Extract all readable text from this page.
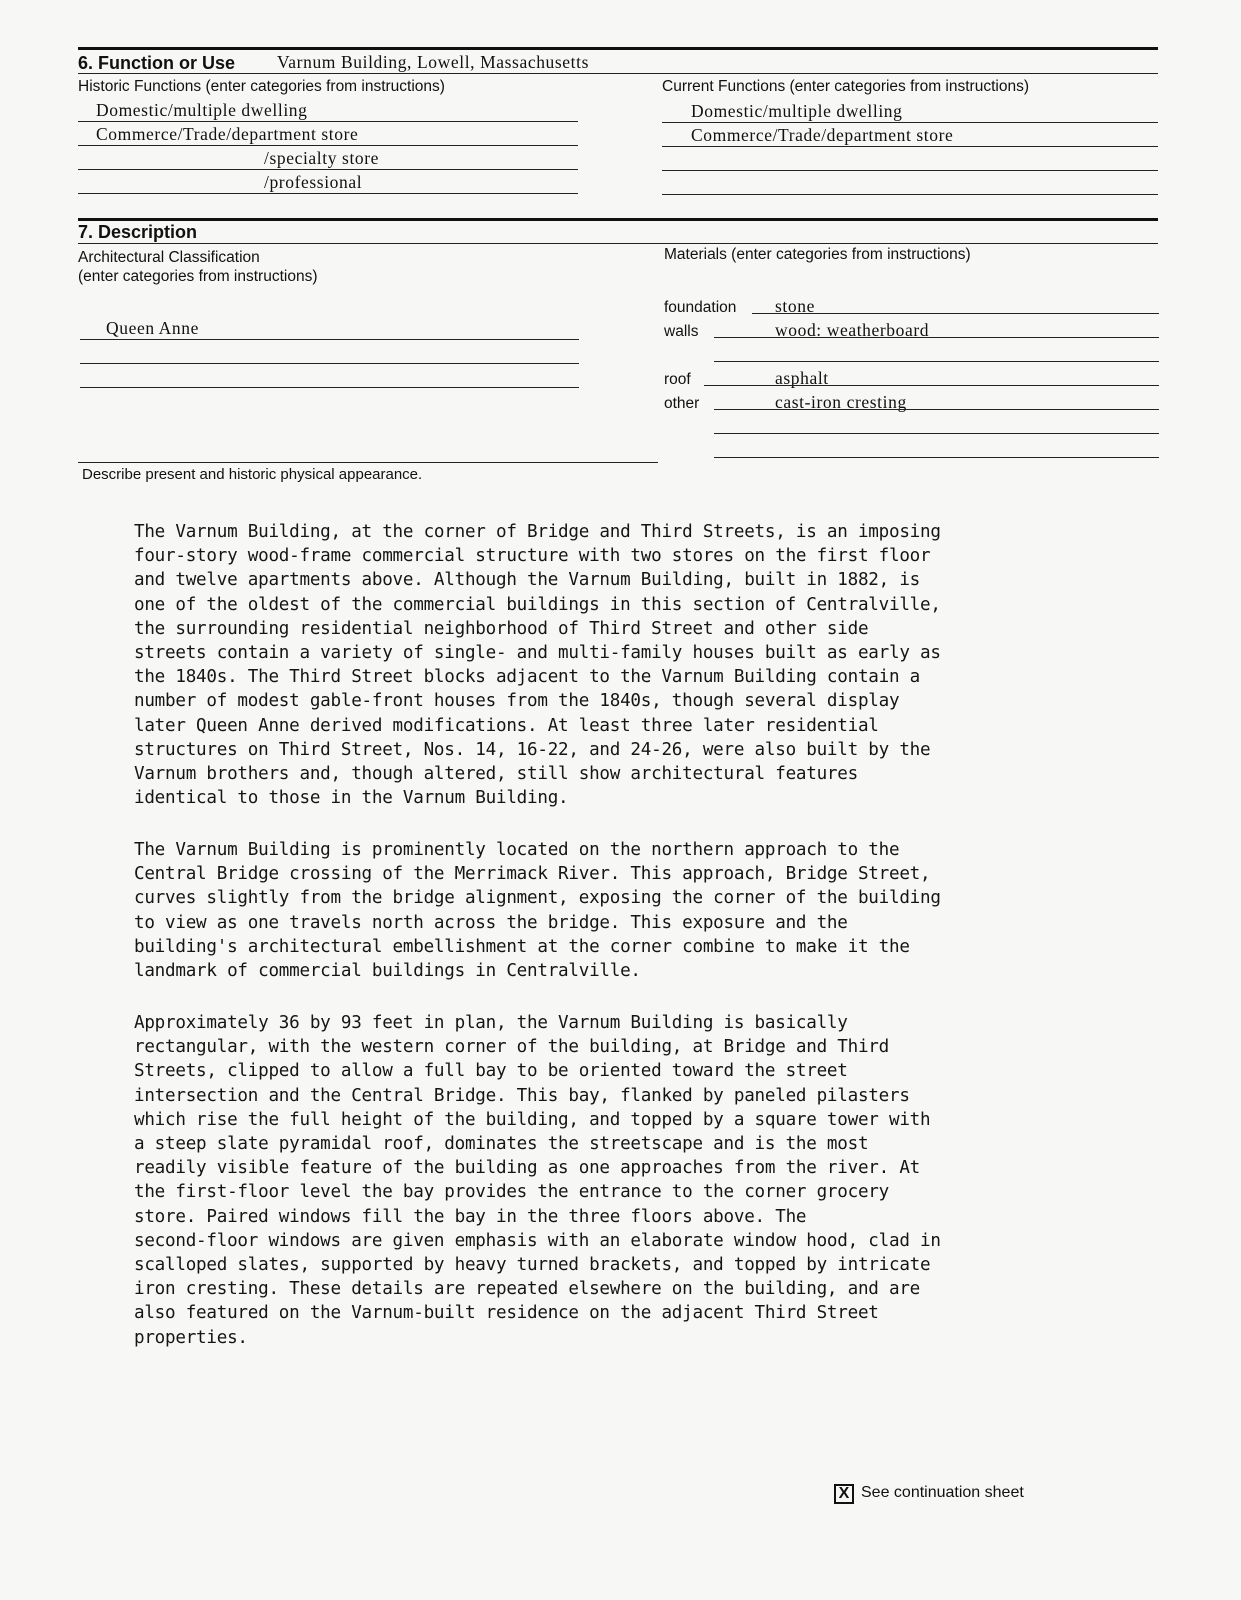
6. Function or Use Varnum Building, Lowell, Massachusetts
Historic Functions (enter categories from instructions)	Current Functions (enter categories from instructions)
Domestic/multiple dwelling
Commerce/Trade/department store
/specialty store
/professional
Domestic/multiple dwelling
Commerce/Trade/department store
7. Description
Architectural Classification
(enter categories from instructions)
Materials (enter categories from instructions)
Queen Anne
foundation stone
walls	wood: weatherboard
roof	asphalt
other	cast-iron cresting
Describe present and historic physical appearance.

The Varnum Building, at the corner of Bridge and Third Streets, is an imposing
four-story wood-frame commercial structure with two stores on the first floor
and twelve apartments above. Although the Varnum Building, built in 1882, is
one of the oldest of the commercial buildings in this section of Centralville,
the surrounding residential neighborhood of Third Street and other side
streets contain a variety of single- and multi-family houses built as early as
the 1840s. The Third Street blocks adjacent to the Varnum Building contain a
number of modest gable-front houses from the 1840s, though several display
later Queen Anne derived modifications. At least three later residential
structures on Third Street, Nos. 14, 16-22, and 24-26, were also built by the
Varnum brothers and, though altered, still show architectural features
identical to those in the Varnum Building.

The Varnum Building is prominently located on the northern approach to the
Central Bridge crossing of the Merrimack River. This approach, Bridge Street,
curves slightly from the bridge alignment, exposing the corner of the building
to view as one travels north across the bridge. This exposure and the
building's architectural embellishment at the corner combine to make it the
landmark of commercial buildings in Centralville.

Approximately 36 by 93 feet in plan, the Varnum Building is basically
rectangular, with the western corner of the building, at Bridge and Third
Streets, clipped to allow a full bay to be oriented toward the street
intersection and the Central Bridge. This bay, flanked by paneled pilasters
which rise the full height of the building, and topped by a square tower with
a steep slate pyramidal roof, dominates the streetscape and is the most
readily visible feature of the building as one approaches from the river. At
the first-floor level the bay provides the entrance to the corner grocery
store. Paired windows fill the bay in the three floors above. The
second-floor windows are given emphasis with an elaborate window hood, clad in
scalloped slates, supported by heavy turned brackets, and topped by intricate
iron cresting. These details are repeated elsewhere on the building, and are
also featured on the Varnum-built residence on the adjacent Third Street
properties.

X See continuation sheet
